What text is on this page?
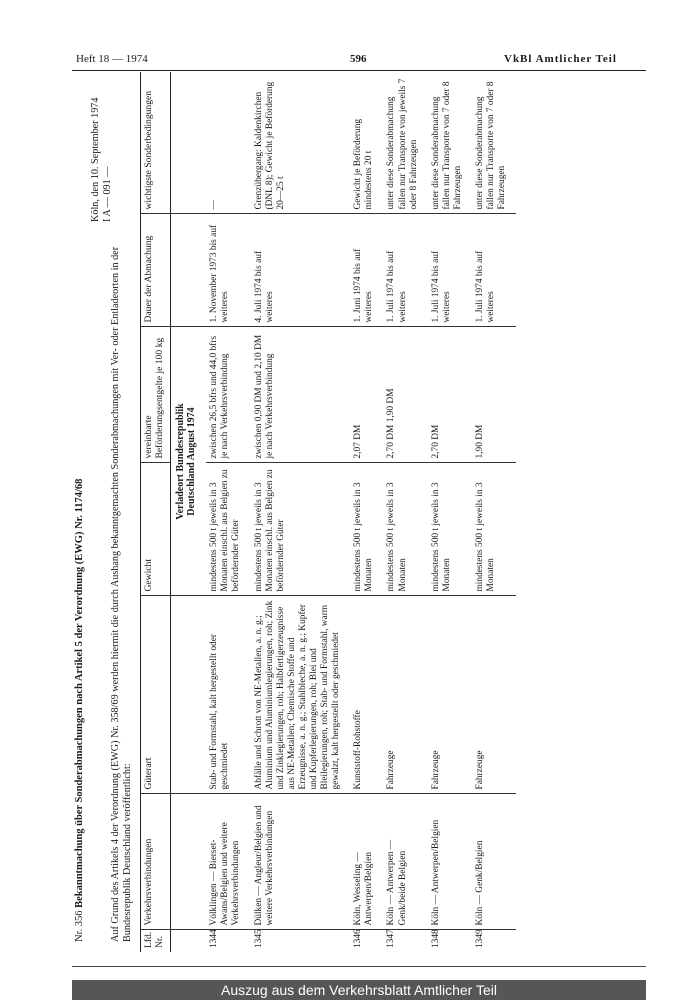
Heft 18 — 1974	596	VkBl Amtlicher Teil
Nr. 356 Bekanntmachung über Sonderabmachungen nach Artikel 5 der Verordnung (EWG) Nr. 1174/68
Köln, den 10. September 1974 I A — 091 —
Auf Grund des Artikels 4 der Verordnung (EWG) Nr. 358/69 werden hiermit die durch Aushang bekanntgemachten Sonderabmachungen mit Ver- oder Entladeorten in der Bundesrepublik Deutschland veröffentlicht: Lfd. Nr.	Verkehrsverbindungen	Güterart	Gewicht	vereinbarte Beförderungsentgelte je 100 kg	Dauer der Abmachung	wichtigste Sonderbedingungen
			Verladeort Bundesrepublik Deutschland August 1974			
1344	Völklingen — Bierset-Awans/Belgien und weitere Verkehrsverbindungen	Stab- und Formstahl, kalt hergestellt oder geschmiedet	mindestens 500 t jeweils in 3 Monaten einschl. aus Belgien zu befördernder Güter	zwischen 26,5 bfrs und 44,0 bfrs je nach Verkehrsverbindung	1. November 1973 bis auf weiteres	—
1345	Dülken — Angleur/Belgien und weitere Verkehrsverbindungen	Abfälle und Schrott von NE-Metallen, a. n. g.; Aluminium und Aluminiumlegierungen, roh; Zink und Zinklegierungen, roh; Halbfertigerzeugnisse aus NE-Metallen; Chemische Stoffe und Erzeugnisse, a. n. g.; Stahlbleche, a. n. g.; Kupfer und Kupferlegierungen, roh; Blei und Bleilegierungen, roh; Stab- und Formstahl, warm gewalzt, kalt hergestellt oder geschmiedet	mindestens 500 t jeweils in 3 Monaten einschl. aus Belgien zu befördernder Güter	zwischen 0,90 DM und 2,10 DM je nach Verkehrsverbindung	4. Juli 1974 bis auf weiteres	Grenzübergang: Kaldenkirchen (DNL 8); Gewicht je Beförderung 20—25 t
1346	Köln, Wesseling — Antwerpen/Belgien	Kunststoff-Rohstoffe	mindestens 500 t jeweils in 3 Monaten	2,07 DM	1. Juni 1974 bis auf weiteres	Gewicht je Beförderung mindestens 20 t
1347	Köln — Antwerpen — Genk/beide Belgien	Fahrzeuge	mindestens 500 t jeweils in 3 Monaten	2,70 DM 1,90 DM	1. Juli 1974 bis auf weiteres	unter diese Sonderabmachung fallen nur Transporte von jeweils 7 oder 8 Fahrzeugen
1348	Köln — Antwerpen/Belgien	Fahrzeuge	mindestens 500 t jeweils in 3 Monaten	2,70 DM	1. Juli 1974 bis auf weiteres	unter diese Sonderabmachung fallen nur Transporte von 7 oder 8 Fahrzeugen
1349	Köln — Genk/Belgien	Fahrzeuge	mindestens 500 t jeweils in 3 Monaten	1,90 DM	1. Juli 1974 bis auf weiteres	unter diese Sonderabmachung fallen nur Transporte von 7 oder 8 Fahrzeugen
Auszug aus dem Verkehrsblatt Amtlicher Teil
